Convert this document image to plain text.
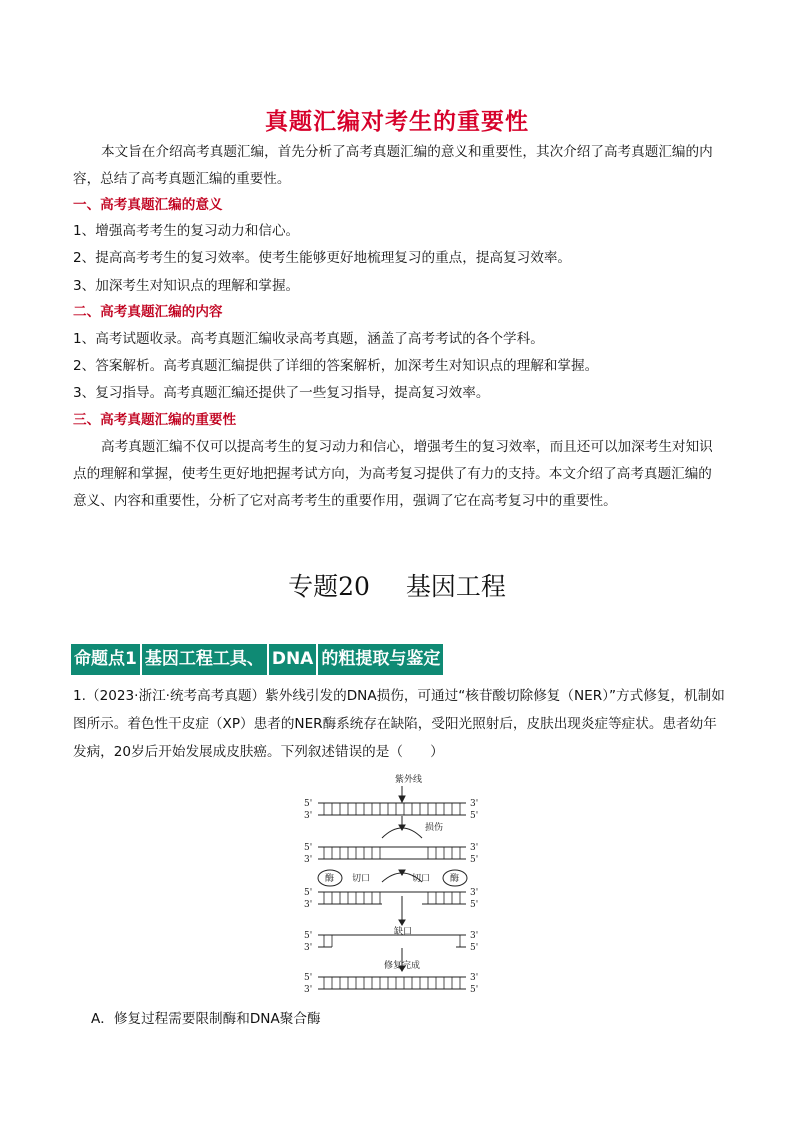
真题汇编对考生的重要性
本文旨在介绍高考真题汇编，首先分析了高考真题汇编的意义和重要性，其次介绍了高考真题汇编的内容，总结了高考真题汇编的重要性。
一、高考真题汇编的意义
1、增强高考考生的复习动力和信心。
2、提高高考考生的复习效率。使考生能够更好地梳理复习的重点，提高复习效率。
3、加深考生对知识点的理解和掌握。
二、高考真题汇编的内容
1、高考试题收录。高考真题汇编收录高考真题，涵盖了高考考试的各个学科。
2、答案解析。高考真题汇编提供了详细的答案解析，加深考生对知识点的理解和掌握。
3、复习指导。高考真题汇编还提供了一些复习指导，提高复习效率。
三、高考真题汇编的重要性
高考真题汇编不仅可以提高考生的复习动力和信心，增强考生的复习效率，而且还可以加深考生对知识点的理解和掌握，使考生更好地把握考试方向，为高考复习提供了有力的支持。本文介绍了高考真题汇编的意义、内容和重要性，分析了它对高考考生的重要作用，强调了它在高考复习中的重要性。
专题20 基因工程
命题点1 基因工程工具、 DNA 的粗提取与鉴定
1.（2023·浙江·统考高考真题）紫外线引发的DNA损伤，可通过“核苷酸切除修复（NER）”方式修复，机制如图所示。着色性干皮症（XP）患者的NER酶系统存在缺陷，受阳光照射后，皮肤出现炎症等症状。患者幼年发病，20岁后开始发展成皮肤癌。下列叙述错误的是（　　）
5'
3'
3'
5'
5'
3'
3'
5'
5'
3'
3'
5'
5'
3'
3'
5'
5'
3'
3'
5'
紫外线
损伤
酶	酶
切口	切口
缺口
修复完成
A．修复过程需要限制酶和DNA聚合酶
